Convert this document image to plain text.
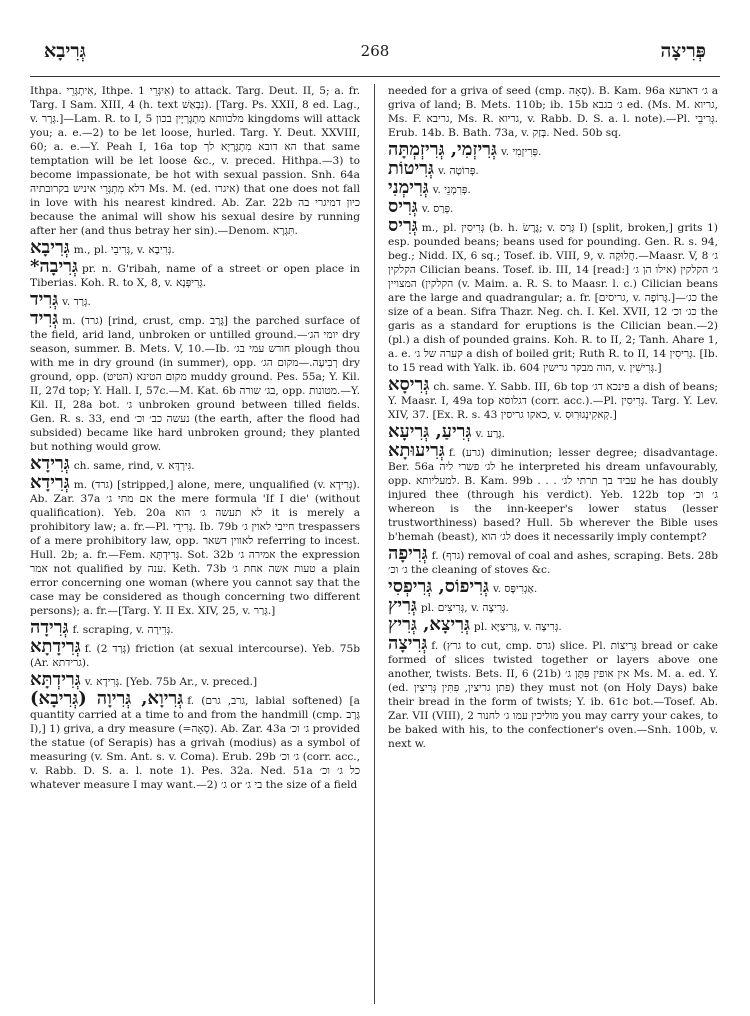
גְּרִיבָא	268	פְּרִיצָה

Ithpa. אִיתְגְּרֵי, Ithpe. אִיגְּרֵי 1) to attack. Targ. Deut. II, 5; a. fr. Targ. I Sam. XIII, 4 (h. text נִבְאַשׁ). [Targ. Ps. XXII, 8 ed. Lag., v. גְּרָר.]—Lam. R. to I, 5 מלכוותא מִתְגָּרְיָין בכון kingdoms will attack you; a. e.—2) to be let loose, hurled. Targ. Y. Deut. XXVIII, 60; a. e.—Y. Peah I, 16a top הא דובא מִתְגָּרְיָא לך that same temptation will be let loose &c., v. preced. Hithpa.—3) to become impassionate, be hot with sexual passion. Snh. 64a דלא מִתְגְּרֵי איניש בקרובתיה Ms. M. (ed. איגרו) that one does not fall in love with his nearest kindred. Ab. Zar. 22b כיון דמיגרי בה because the animal will show his sexual desire by running after her (and thus betray her sin).—Denom. תִּגְרָא.

גְּרִיבָא m., pl. גְּרִיבֵי, v. גְּרִיבָא.

*גְּרִיבָה pr. n. G'ribah, name of a street or open place in Tiberias. Koh. R. to X, 8, v. גְּרִיפְּנָא.

גְּרִיד v. גְּרַד.

גְּרִיד m. (גרד) [rind, crust, cmp. גָּרָב] the parched surface of the field, arid land, unbroken or untilled ground.—יומי הג׳ dry season, summer. B. Mets. V, 10.—Ib. חורש עמי בג׳ plough thou with me in dry ground (in summer), opp. רְבִיעָה.—מקום הג׳ dry ground, opp. מקום הטינא (הטיט) muddy ground. Pes. 55a; Y. Kil. II, 27d top; Y. Hall. I, 57c.—M. Kat. 6b בג׳ שורה, opp. מטונות.—Y. Kil. II, 28a bot. ג׳ unbroken ground between tilled fields. Gen. R. s. 33, end נעשה כב׳ וכ׳ (the earth, after the flood had subsided) became like hard unbroken ground; they planted but nothing would grow.

גְּרִידָא ch. same, rind, v. גִּירְדָּא.

גְּרִידָא m. (גרד) [stripped,] alone, mere, unqualified (v. גְּרִידָא). Ab. Zar. 37a אם מתי ג׳ the mere formula 'If I die' (without qualification). Yeb. 20a לא תעשה ג׳ הוא it is merely a prohibitory law; a. fr.—Pl. גְּרִידֵי. Ib. 79b חייבי לאוין ג׳ trespassers of a mere prohibitory law, opp. לאווין דשאר referring to incest. Hull. 2b; a. fr.—Fem. גְּרִידְתָּא. Sot. 32b אמירה ג׳ the expression אמר not qualified by ענה. Keth. 73b טעות אשה אחת ג׳ a plain error concerning one woman (where you cannot say that the case may be considered as though concerning two different persons); a. fr.—[Targ. Y. II Ex. XIV, 25, v. גְּרַר.]

גְּרִידָה f. scraping, v. גְּרִירָה.

גְּרִידָתָא f. (גְּרַד 2) friction (at sexual intercourse). Yeb. 75b (Ar. גרידתא).

גְּרִידְתָּא v. גְּרִידָא. [Yeb. 75b Ar., v. preced.]

גְּרִיוָא, גְּרִיוָה (גְּרִיבָא) f. (גרב, גרם, labial softened) [a quantity carried at a time to and from the handmill (cmp. גָּרָב I),] 1) griva, a dry measure (=סְאָה). Ab. Zar. 43a ג׳ וכ׳ provided the statue (of Serapis) has a grivah (modius) as a symbol of measuring (v. Sm. Ant. s. v. Coma). Erub. 29b ג׳ וכ׳ (corr. acc., v. Rabb. D. S. a. l. note 1). Pes. 32a. Ned. 51a כל ג׳ וכ׳ whatever measure I may want.—2) ג׳ or בי ג׳ the size of a field

needed for a griva of seed (cmp. סְאָה). B. Kam. 96a ג׳ דארעא a griva of land; B. Mets. 110b; ib. 15b ג׳ בגבא ed. (Ms. M. גריוא, Ms. F. גריבא, Ms. R. גריוא, v. Rabb. D. S. a. l. note).—Pl. גְּרִיבֵי. Erub. 14b. B. Bath. 73a, v. בְּזַק. Ned. 50b sq.

גְּרִיזְמִי, גְּרִיזְמְתָּה v. פְּרִיזְמִי.

גְּרִיטוֹת v. פְּרוֹטָה.

גְּרִימְנִי v. פְּרִמְנֵי.

גְּרִיס v. פְּרַס.

גְּרִיס m., pl. גְּרִיסִין (b. h. גֶּרֶשׂ; v. גְּרַס I) [split, broken,] grits 1) esp. pounded beans; beans used for pounding. Gen. R. s. 94, beg.; Nidd. IX, 6 sq.; Tosef. ib. VIII, 9, v. חֲלוּקָה.—Maasr. V, 8 ג׳ הקלקין Cilician beans. Tosef. ib. III, 14 [read:] ג׳ הקלקין (אילו הן ג׳ הקלקין) המצויין (v. Maim. a. R. S. to Maasr. l. c.) Cilician beans are the large and quadrangular; a. fr. [גריסים, v. גְּרוֹפָה.]—כג׳ the size of a bean. Sifra Thazr. Neg. ch. I. Kel. XVII, 12 כג׳ וכ׳ the garis as a standard for eruptions is the Cilician bean.—2) (pl.) a dish of pounded grains. Koh. R. to II, 2; Tanh. Ahare 1, a. e. קערה של ג׳ a dish of boiled grit; Ruth R. to II, 14 גְּרִיסִין. [Ib. to 15 read with Yalk. ib. 604 הוה מבקר גרישין, v. גְּרִישִׁין.]

גְּרִיסָא ch. same. Y. Sabb. III, 6b top פינכא דג׳ a dish of beans; Y. Maasr. I, 49a top דגלוסא (corr. acc.).—Pl. גְּרִיסִין. Targ. Y. Lev. XIV, 37. [Ex. R. s. 43 כאקו גריסין, v. קְאקִינְגוּרִוּסִ.]

גְּרִיעַ, גְּרִיעָא v. גְּרַע.

גְּרִיעוּתָא f. (גרע) diminution; lesser degree; disadvantage. Ber. 56a לג׳ פשרי ליה he interpreted his dream unfavourably, opp. למעליותא. B. Kam. 99b . . . עביד בך תרתי לג׳ he has doubly injured thee (through his verdict). Yeb. 122b top ג׳ וכ׳ whereon is the inn-keeper's lower status (lesser trustworthiness) based? Hull. 5b wherever the Bible uses b'hemah (beast), לג׳ הוא does it necessarily imply contempt?

גְּרִיפָה f. (גרף) removal of coal and ashes, scraping. Bets. 28b ג׳ וכ׳ the cleaning of stoves &c.

גְּרִיפוֹס, גְּרִיפְסִי v. אַגְרִיפָּס.

גְּרִיץ pl. גְּרִיצִים, v. גְּרִיצָה.

גְּרִיצָא, גְּרִיץ pl. גְּרִיצַיָּא, v. גְּרִיצָה.

גְּרִיצָה f. (גרץ to cut, cmp. גרס) slice. Pl. גְּרִיצוֹת bread or cake formed of slices twisted together or layers above one another, twists. Bets. II, 6 (21b) אין אופין פִּתָּן ג׳ Ms. M. a. ed. Y. (ed. פתן גריצין, פִּתִּין גְּרִיצִין) they must not (on Holy Days) bake their bread in the form of twists; Y. ib. 61c bot.—Tosef. Ab. Zar. VII (VIII), 2 מוליכין עמו ג׳ לחנור you may carry your cakes, to be baked with his, to the confectioner's oven.—Snh. 100b, v. next w.
